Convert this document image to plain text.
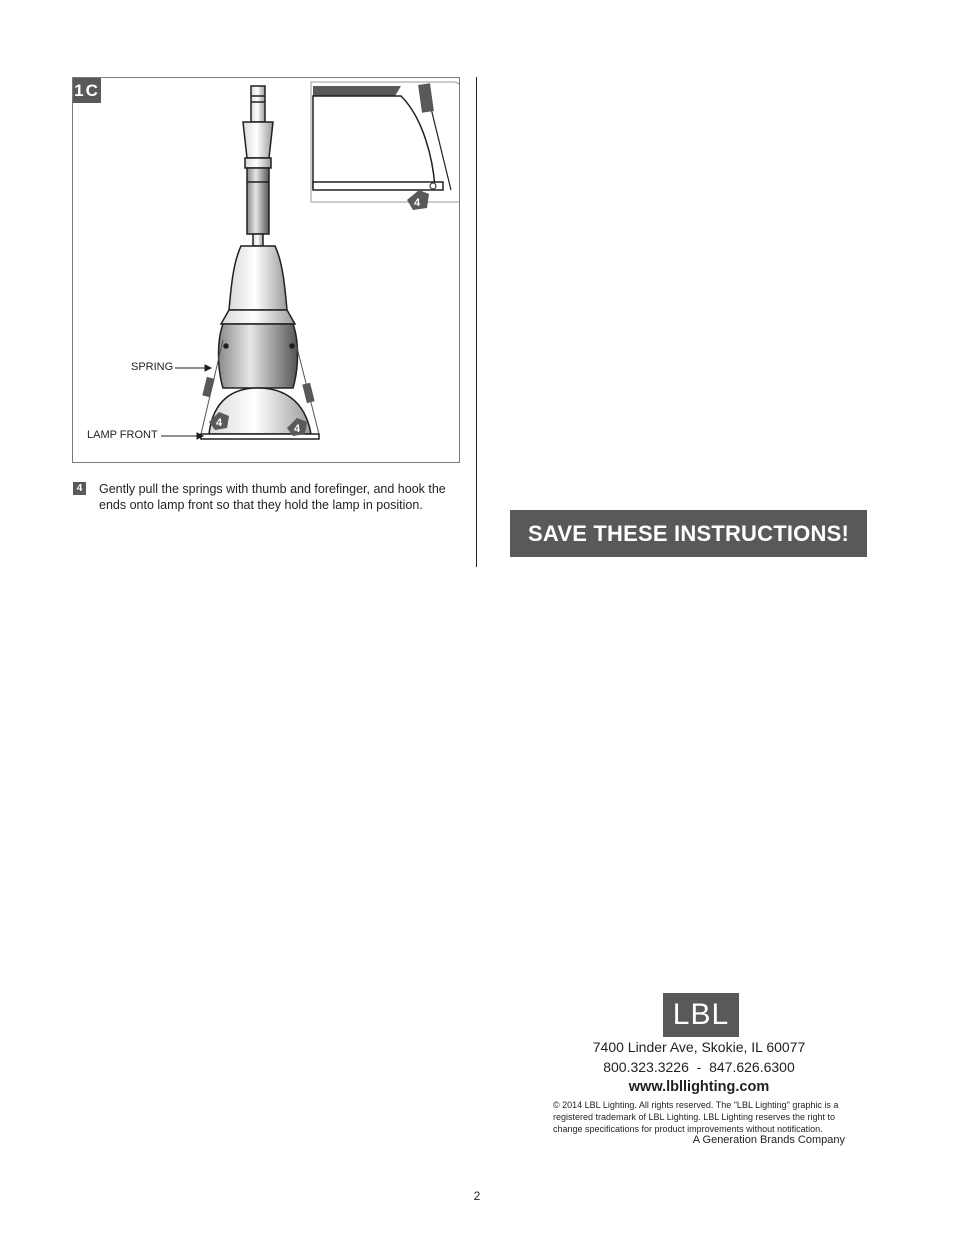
4	4
4
SPRING
LAMP FRONT
1C
4 Gently pull the springs with thumb and forefinger, and hook the ends onto lamp front so that they hold the lamp in position.
SAVE THESE INSTRUCTIONS!
LBL
7400 Linder Ave, Skokie, IL 60077
800.323.3226  -  847.626.6300
www.lbllighting.com
© 2014 LBL Lighting. All rights reserved. The "LBL Lighting" graphic is a registered trademark of LBL Lighting. LBL Lighting reserves the right to change specifications for product improvements without notification.
A Generation Brands Company
2
